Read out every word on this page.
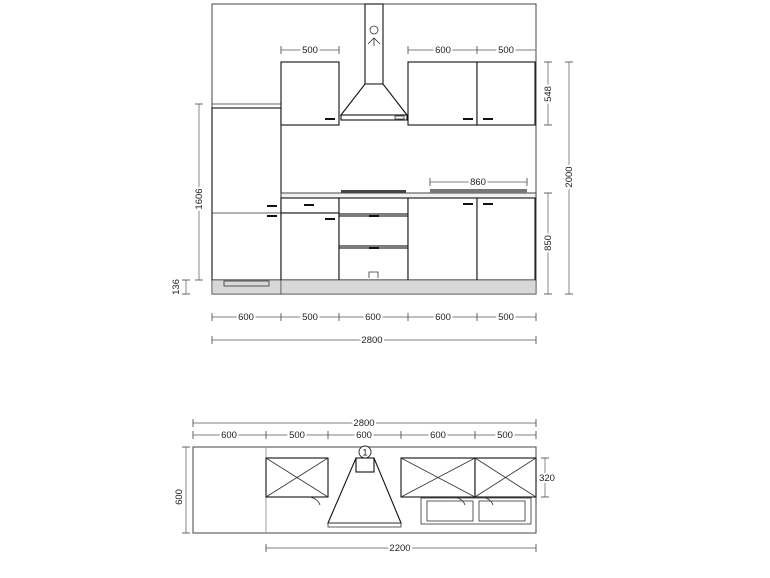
500	600	500
860
548
2000
850
1606
136
600	500	600	600	500
2800
2800
600	500	600	600	500
1
600
320
2200
